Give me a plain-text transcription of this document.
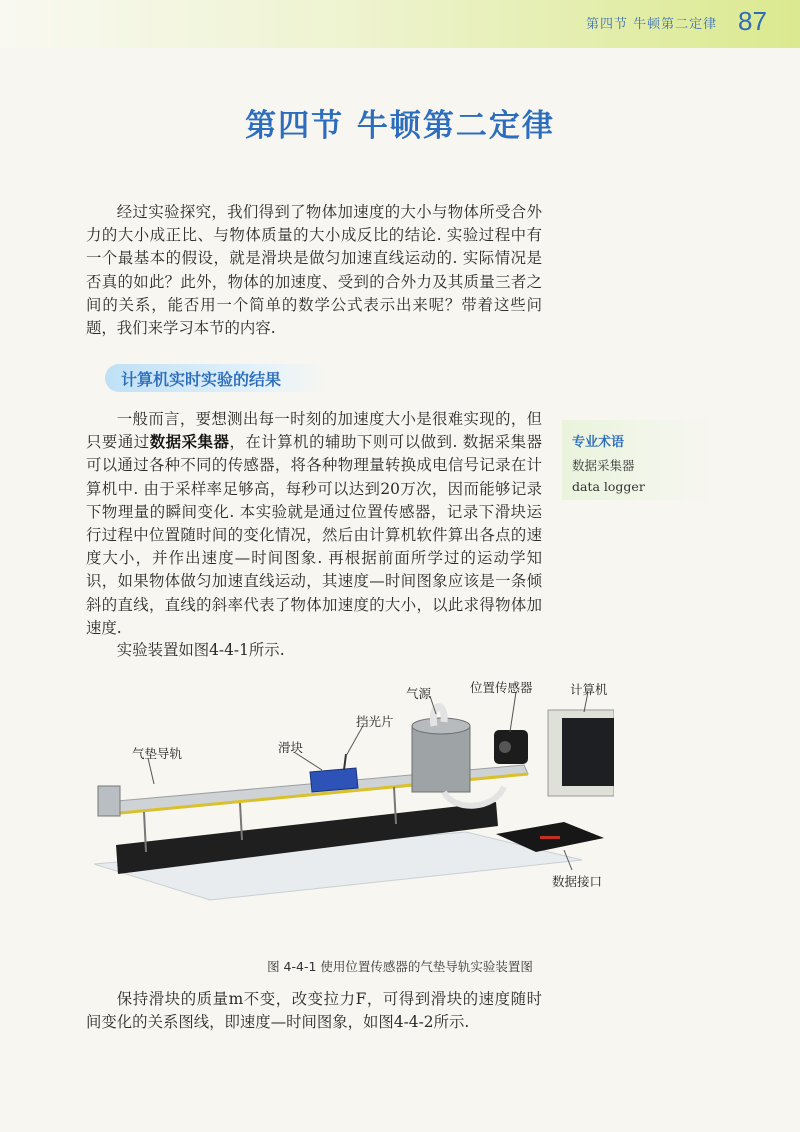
第四节 牛顿第二定律 87
第四节 牛顿第二定律

经过实验探究，我们得到了物体加速度的大小与物体所受合外力的大小成正比、与物体质量的大小成反比的结论. 实验过程中有一个最基本的假设，就是滑块是做匀加速直线运动的. 实际情况是否真的如此？此外，物体的加速度、受到的合外力及其质量三者之间的关系，能否用一个简单的数学公式表示出来呢？带着这些问题，我们来学习本节的内容.

计算机实时实验的结果

一般而言，要想测出每一时刻的加速度大小是很难实现的，但只要通过数据采集器，在计算机的辅助下则可以做到. 数据采集器可以通过各种不同的传感器，将各种物理量转换成电信号记录在计算机中. 由于采样率足够高，每秒可以达到20万次，因而能够记录下物理量的瞬间变化. 本实验就是通过位置传感器，记录下滑块运行过程中位置随时间的变化情况，然后由计算机软件算出各点的速度大小，并作出速度—时间图象. 再根据前面所学过的运动学知识，如果物体做匀加速直线运动，其速度—时间图象应该是一条倾斜的直线，直线的斜率代表了物体加速度的大小，以此求得物体加速度.

实验装置如图4-4-1所示.

专业术语
数据采集器
data logger
气源	位置传感器	计算机
挡光片
滑块
气垫导轨
数据接口
图 4-4-1 使用位置传感器的气垫导轨实验装置图

保持滑块的质量m不变，改变拉力F，可得到滑块的速度随时间变化的关系图线，即速度—时间图象，如图4-4-2所示.
